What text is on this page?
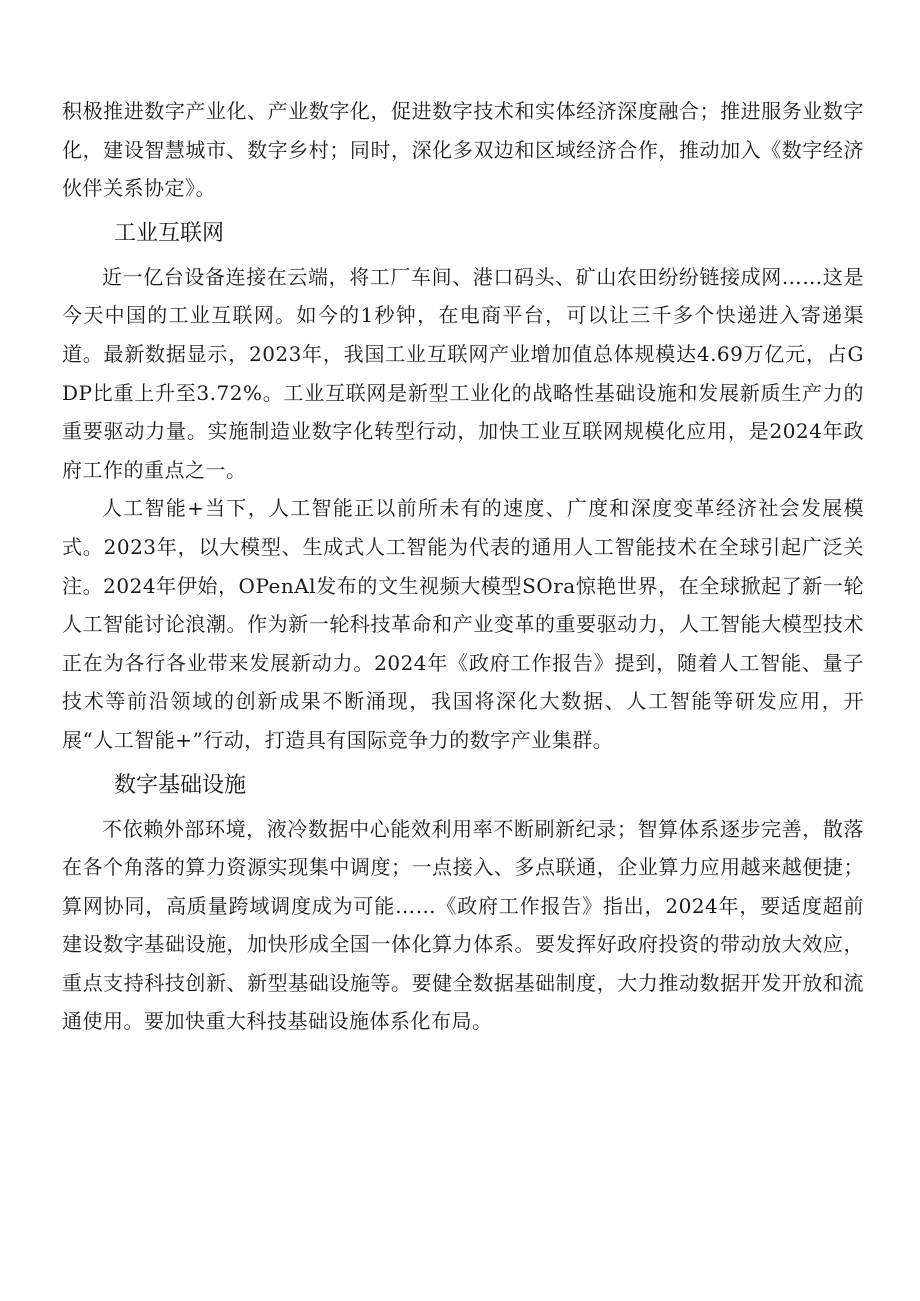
积极推进数字产业化、产业数字化，促进数字技术和实体经济深度融合；推进服务业数字化，建设智慧城市、数字乡村；同时，深化多双边和区域经济合作，推动加入《数字经济伙伴关系协定》。

工业互联网

近一亿台设备连接在云端，将工厂车间、港口码头、矿山农田纷纷链接成网……这是今天中国的工业互联网。如今的1秒钟，在电商平台，可以让三千多个快递进入寄递渠道。最新数据显示，2023年，我国工业互联网产业增加值总体规模达4.69万亿元，占GDP比重上升至3.72%。工业互联网是新型工业化的战略性基础设施和发展新质生产力的重要驱动力量。实施制造业数字化转型行动，加快工业互联网规模化应用，是2024年政府工作的重点之一。

人工智能+当下，人工智能正以前所未有的速度、广度和深度变革经济社会发展模式。2023年，以大模型、生成式人工智能为代表的通用人工智能技术在全球引起广泛关注。2024年伊始，OPenAl发布的文生视频大模型SOra惊艳世界，在全球掀起了新一轮人工智能讨论浪潮。作为新一轮科技革命和产业变革的重要驱动力，人工智能大模型技术正在为各行各业带来发展新动力。2024年《政府工作报告》提到，随着人工智能、量子技术等前沿领域的创新成果不断涌现，我国将深化大数据、人工智能等研发应用，开展“人工智能+”行动，打造具有国际竞争力的数字产业集群。

数字基础设施

不依赖外部环境，液冷数据中心能效利用率不断刷新纪录；智算体系逐步完善，散落在各个角落的算力资源实现集中调度；一点接入、多点联通，企业算力应用越来越便捷；算网协同，高质量跨域调度成为可能……《政府工作报告》指出，2024年，要适度超前建设数字基础设施，加快形成全国一体化算力体系。要发挥好政府投资的带动放大效应，重点支持科技创新、新型基础设施等。要健全数据基础制度，大力推动数据开发开放和流通使用。要加快重大科技基础设施体系化布局。
